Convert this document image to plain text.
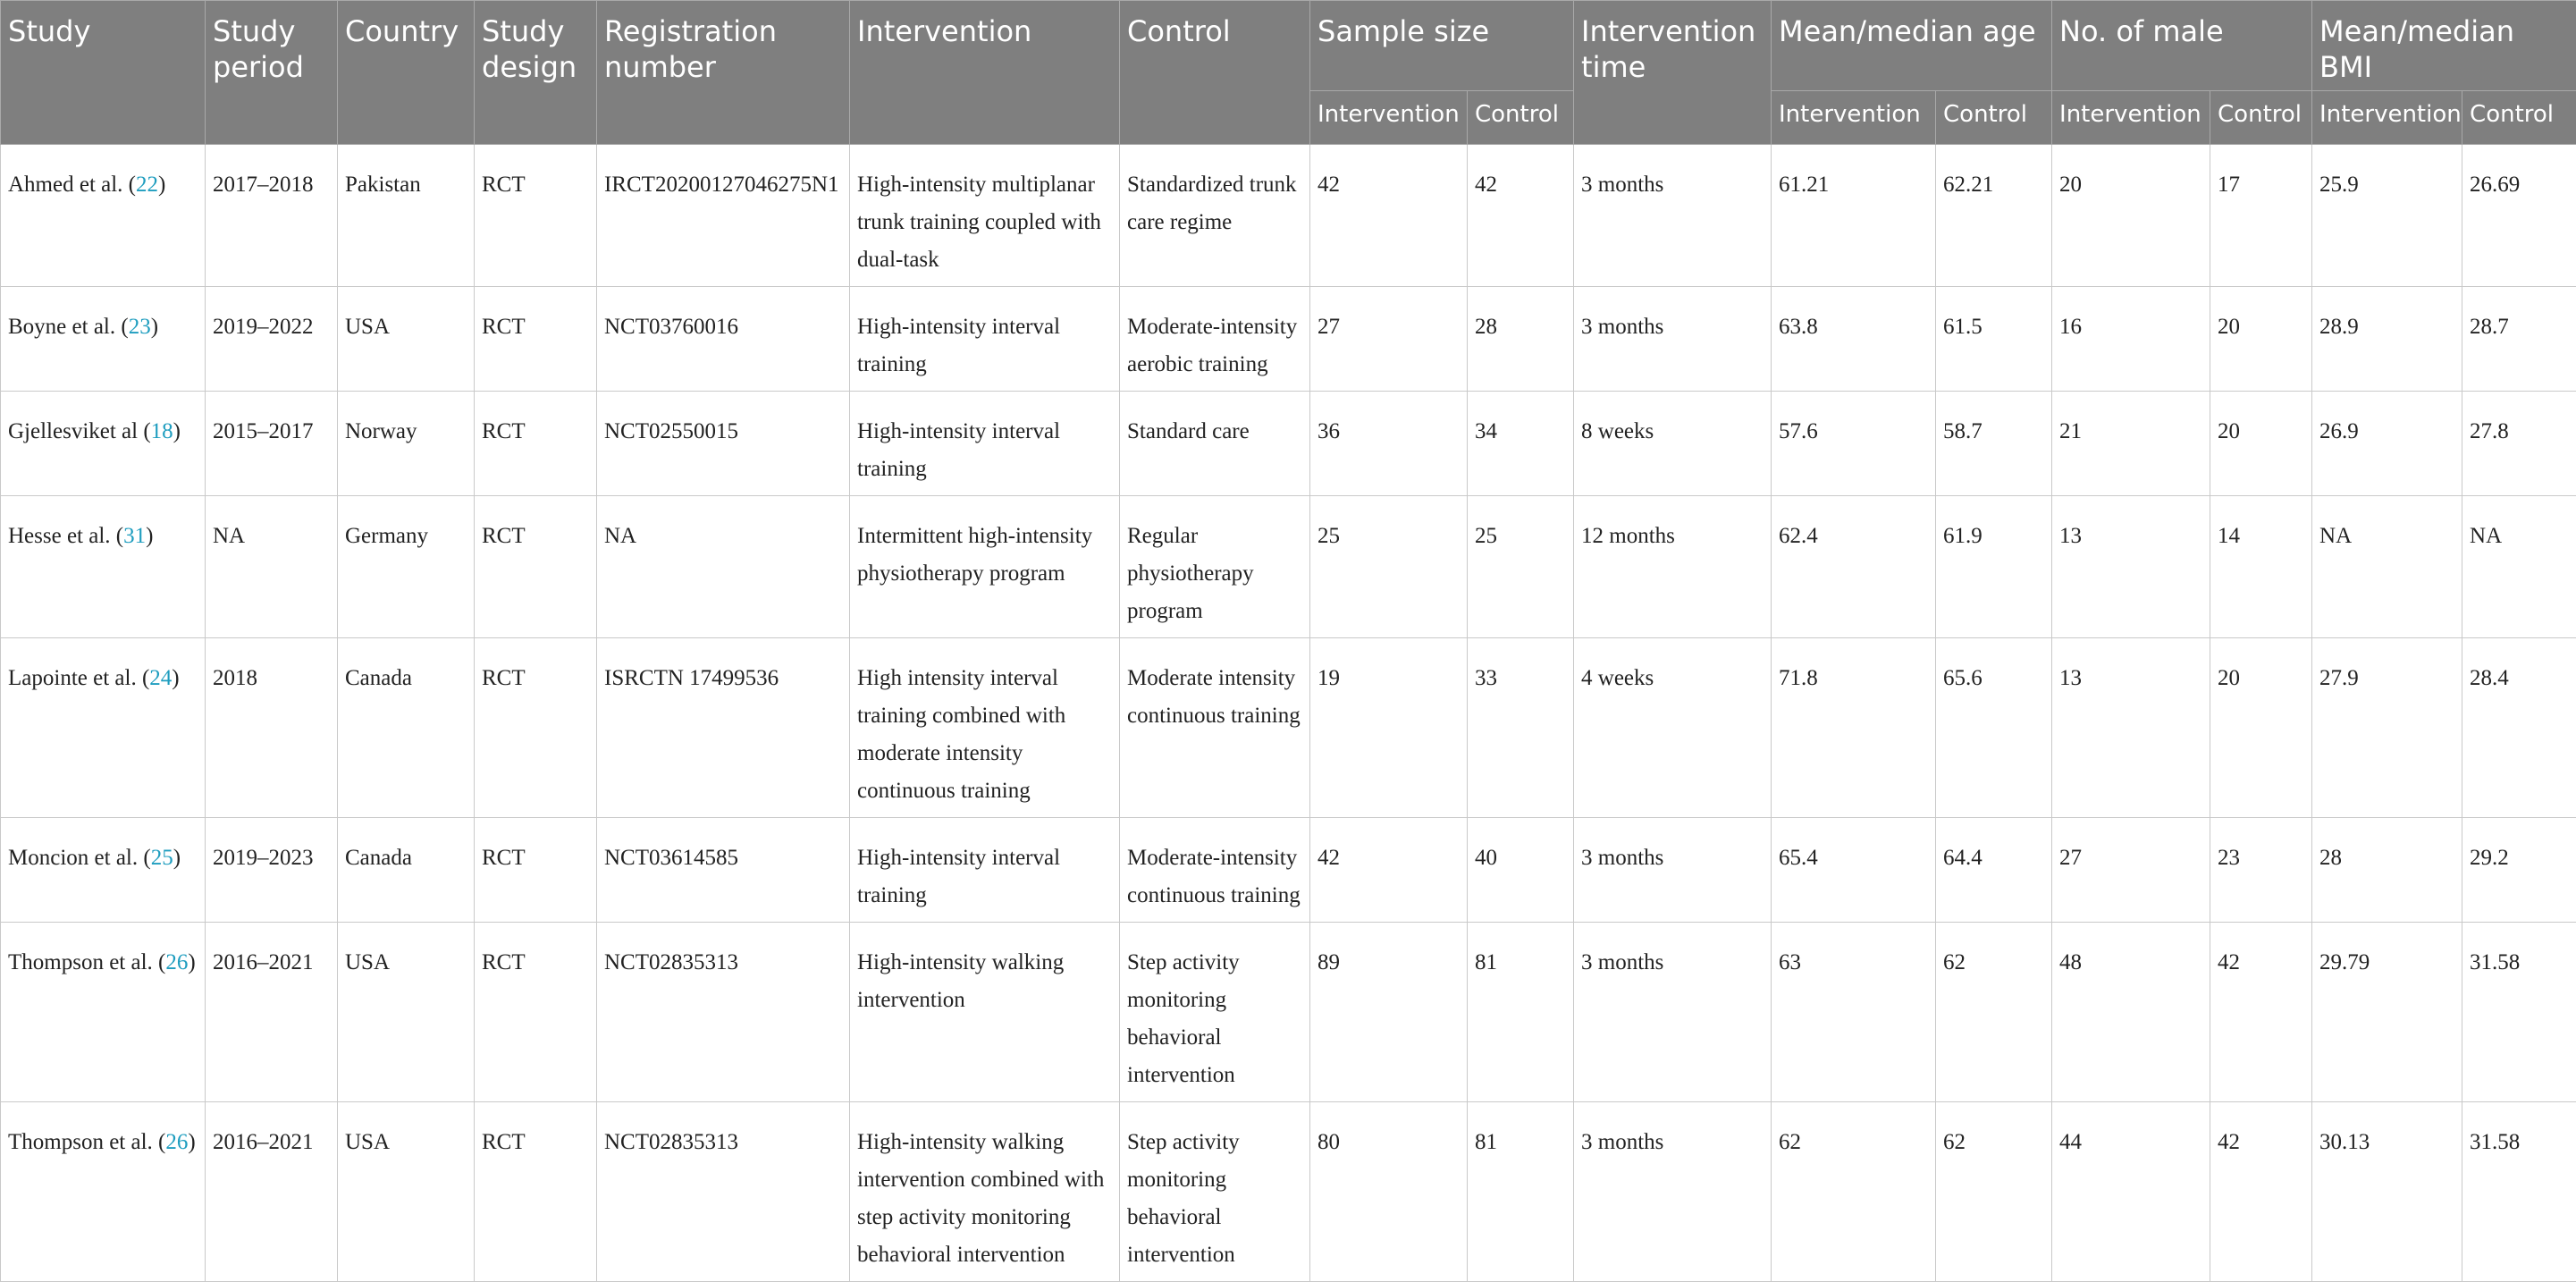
Study	Study period	Country	Study design	Registration number	Intervention	Control	Sample size		Intervention time	Mean/median age		No. of male		Mean/median BMI	
							Intervention	Control		Intervention	Control	Intervention	Control	Intervention	Control
Ahmed et al. (22)	2017–2018	Pakistan	RCT	IRCT20200127046275N1	High-intensity multiplanar trunk training coupled with dual-task	Standardized trunk care regime	42	42	3 months	61.21	62.21	20	17	25.9	26.69
Boyne et al. (23)	2019–2022	USA	RCT	NCT03760016	High-intensity interval training	Moderate-intensity aerobic training	27	28	3 months	63.8	61.5	16	20	28.9	28.7
Gjellesviket al (18)	2015–2017	Norway	RCT	NCT02550015	High-intensity interval training	Standard care	36	34	8 weeks	57.6	58.7	21	20	26.9	27.8
Hesse et al. (31)	NA	Germany	RCT	NA	Intermittent high-intensity physiotherapy program	Regular physiotherapy program	25	25	12 months	62.4	61.9	13	14	NA	NA
Lapointe et al. (24)	2018	Canada	RCT	ISRCTN 17499536	High intensity interval training combined with moderate intensity continuous training	Moderate intensity continuous training	19	33	4 weeks	71.8	65.6	13	20	27.9	28.4
Moncion et al. (25)	2019–2023	Canada	RCT	NCT03614585	High-intensity interval training	Moderate-intensity continuous training	42	40	3 months	65.4	64.4	27	23	28	29.2
Thompson et al. (26)	2016–2021	USA	RCT	NCT02835313	High-intensity walking intervention	Step activity monitoring behavioral intervention	89	81	3 months	63	62	48	42	29.79	31.58
Thompson et al. (26)	2016–2021	USA	RCT	NCT02835313	High-intensity walking intervention combined with step activity monitoring behavioral intervention	Step activity monitoring behavioral intervention	80	81	3 months	62	62	44	42	30.13	31.58
